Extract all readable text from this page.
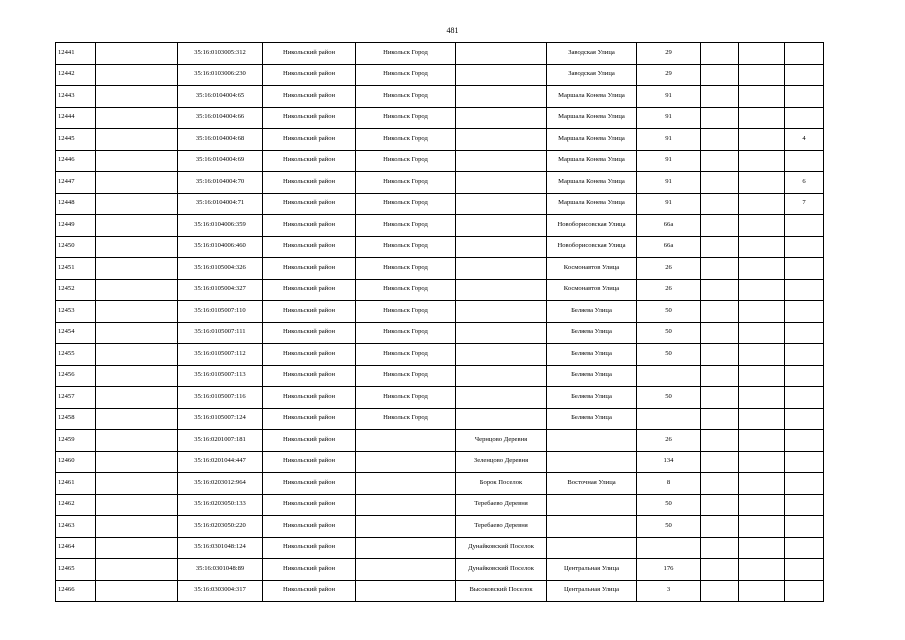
481
12441		35:16:0103005:312	Никольский район	Никольск Город		Заводская Улица	29			
12442		35:16:0103006:230	Никольский район	Никольск Город		Заводская Улица	29			
12443		35:16:0104004:65	Никольский район	Никольск Город		Маршала Конева Улица	91			
12444		35:16:0104004:66	Никольский район	Никольск Город		Маршала Конева Улица	91			
12445		35:16:0104004:68	Никольский район	Никольск Город		Маршала Конева Улица	91			4
12446		35:16:0104004:69	Никольский район	Никольск Город		Маршала Конева Улица	91			
12447		35:16:0104004:70	Никольский район	Никольск Город		Маршала Конева Улица	91			6
12448		35:16:0104004:71	Никольский район	Никольск Город		Маршала Конева Улица	91			7
12449		35:16:0104006:359	Никольский район	Никольск Город		Новоборисовская Улица	66а			
12450		35:16:0104006:460	Никольский район	Никольск Город		Новоборисовская Улица	66а			
12451		35:16:0105004:326	Никольский район	Никольск Город		Космонавтов Улица	26			
12452		35:16:0105004:327	Никольский район	Никольск Город		Космонавтов Улица	26			
12453		35:16:0105007:110	Никольский район	Никольск Город		Беляева Улица	50			
12454		35:16:0105007:111	Никольский район	Никольск Город		Беляева Улица	50			
12455		35:16:0105007:112	Никольский район	Никольск Город		Беляева Улица	50			
12456		35:16:0105007:113	Никольский район	Никольск Город		Беляева Улица				
12457		35:16:0105007:116	Никольский район	Никольск Город		Беляева Улица	50			
12458		35:16:0105007:124	Никольский район	Никольск Город		Беляева Улица				
12459		35:16:0201007:181	Никольский район		Чернцово Деревня		26			
12460		35:16:0201044:447	Никольский район		Зеленцово Деревня		134			
12461		35:16:0203012:964	Никольский район		Борок Поселок	Восточная Улица	8			
12462		35:16:0203050:133	Никольский район		Теребаево Деревня		50			
12463		35:16:0203050:220	Никольский район		Теребаево Деревня		50			
12464		35:16:0301048:124	Никольский район		Дунайковский Поселок					
12465		35:16:0301048:89	Никольский район		Дунайковский Поселок	Центральная Улица	176			
12466		35:16:0303004:317	Никольский район		Высоковский Поселок	Центральная Улица	3			
